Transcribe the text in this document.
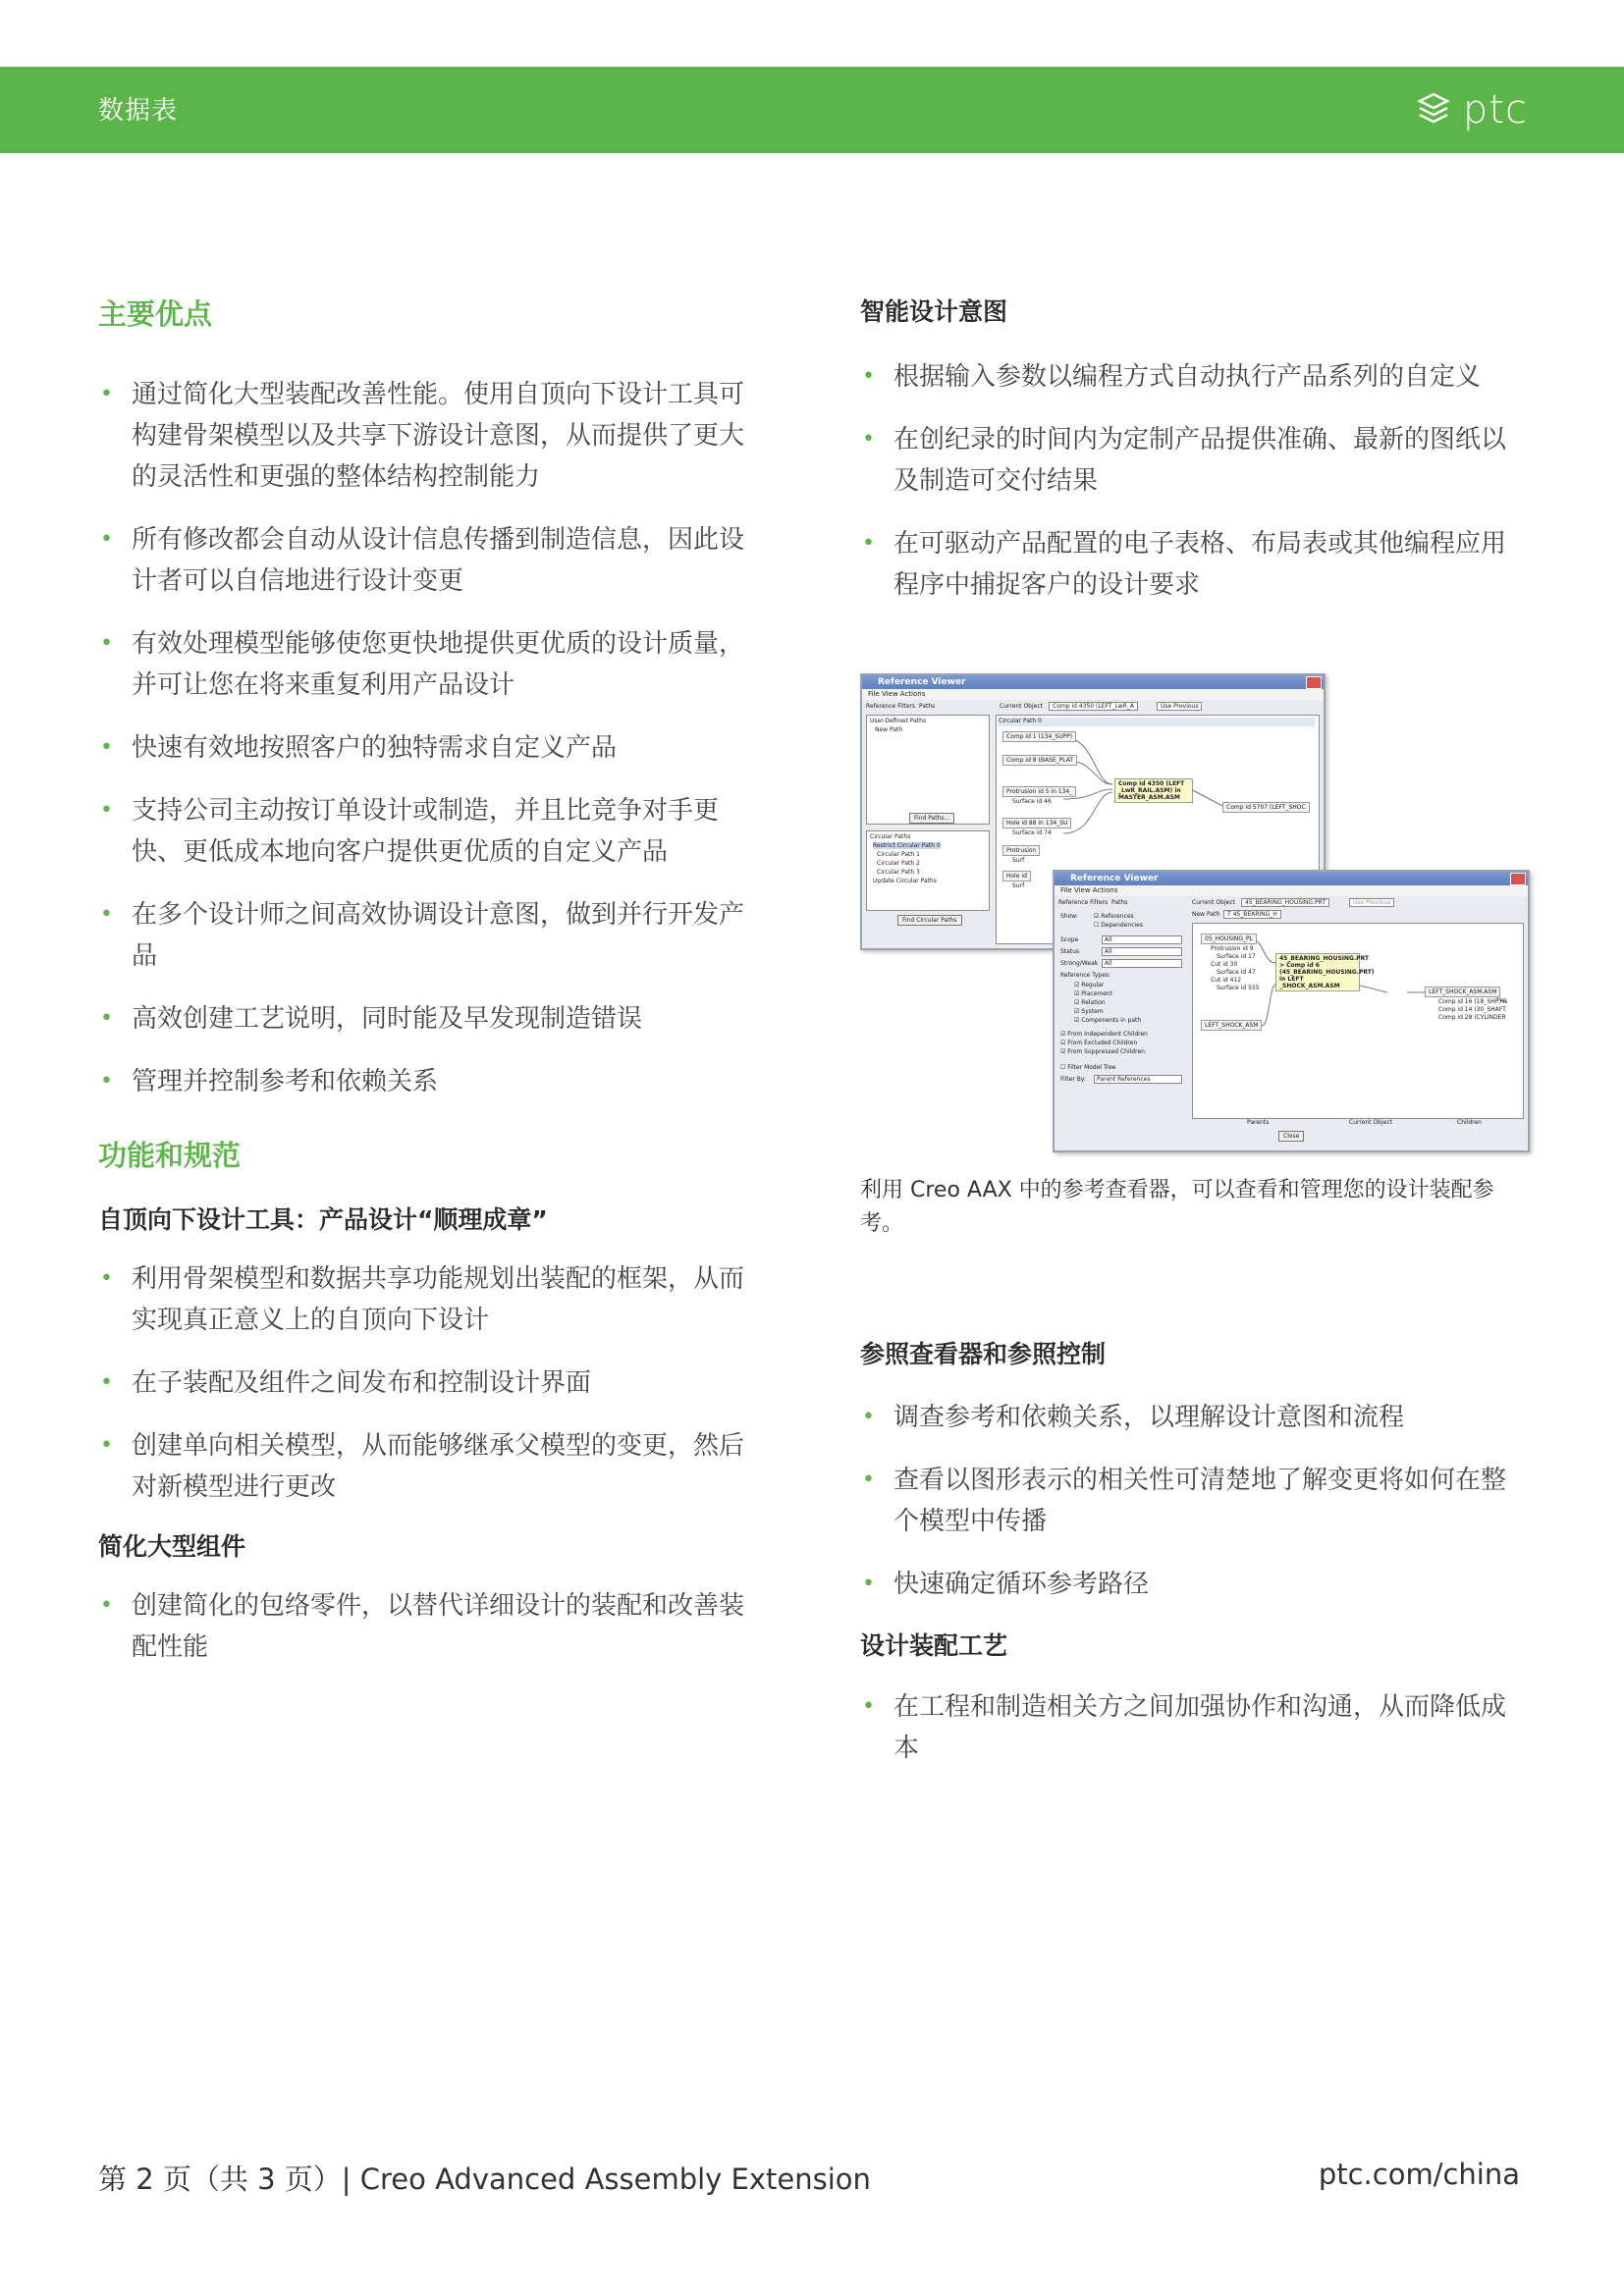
数据表	ptc
主要优点
• 通过简化大型装配改善性能。使用自顶向下设计工具可构建骨架模型以及共享下游设计意图，从而提供了更大的灵活性和更强的整体结构控制能力
• 所有修改都会自动从设计信息传播到制造信息，因此设计者可以自信地进行设计变更
• 有效处理模型能够使您更快地提供更优质的设计质量，并可让您在将来重复利用产品设计
• 快速有效地按照客户的独特需求自定义产品
• 支持公司主动按订单设计或制造，并且比竞争对手更快、更低成本地向客户提供更优质的自定义产品
• 在多个设计师之间高效协调设计意图，做到并行开发产品
• 高效创建工艺说明，同时能及早发现制造错误
• 管理并控制参考和依赖关系
功能和规范
自顶向下设计工具：产品设计“顺理成章”
• 利用骨架模型和数据共享功能规划出装配的框架，从而实现真正意义上的自顶向下设计
• 在子装配及组件之间发布和控制设计界面
• 创建单向相关模型，从而能够继承父模型的变更，然后对新模型进行更改
简化大型组件
• 创建简化的包络零件，以替代详细设计的装配和改善装配性能
智能设计意图
• 根据输入参数以编程方式自动执行产品系列的自定义
• 在创纪录的时间内为定制产品提供准确、最新的图纸以及制造可交付结果
• 在可驱动产品配置的电子表格、布局表或其他编程应用程序中捕捉客户的设计要求
Reference Viewer
File View Actions
Reference Filters Paths	Current Object	Comp id 4350 (LEFT_LwR_A	Use Previous
User-Defined Paths
New Path
Find Paths...
Circular Paths
Restrict Circular Path 0
Circular Path 1
Circular Path 2
Circular Path 3
Update Circular Paths
Find Circular Paths
Circular Path 0
Comp id 1 (134_SUPP)
Comp id 8 (BASE_PLAT
Protrusion id 5 in 134_
Surface id 46
Hole id 88 in 134_SU
Surface id 74
Protrusion
Surf
Hole id
Surf
Comp id 4350 (LEFT _LwR_RAIL.ASM) in MASTER_ASM.ASM
Comp id 5707 (LEFT_SHOC
Reference Viewer
File View Actions
Reference Filters Paths
Show:	☑ References
☐ Dependencies
Scope	All
Status	All
Strong/Weak	All
Reference Types:
☑ Regular
☑ Placement
☑ Relation
☑ System
☑ Components in path
☑ From Independent Children
☑ From Excluded Children
☑ From Suppressed Children
☐ Filter Model Tree
Filter By:	Parent References
Current Object	45_BEARING_HOUSING.PRT	Use Previous
New Path	T 45_BEARING_H
05_HOUSING_PL
Protrusion id 9
Surface id 17
Cut id 30
Surface id 47
Cut id 412
Surface id 555
LEFT_SHOCK_ASM
45_BEARING_HOUSING.PRT > Comp id 6 (45_BEARING_HOUSING.PRT) in LEFT _SHOCK_ASM.ASM
LEFT_SHOCK_ASM.ASM
Comp id 16 (18_SHP.PR
Comp id 14 (30_SHAFT.
Comp id 28 (CYLINDER
Parents	Current Object	Children
Close
利用 Creo AAX 中的参考查看器，可以查看和管理您的设计装配参考。
参照查看器和参照控制
• 调查参考和依赖关系，以理解设计意图和流程
• 查看以图形表示的相关性可清楚地了解变更将如何在整个模型中传播
• 快速确定循环参考路径
设计装配工艺
• 在工程和制造相关方之间加强协作和沟通，从而降低成本
第 2 页（共 3 页）| Creo Advanced Assembly Extension	ptc.com/china
